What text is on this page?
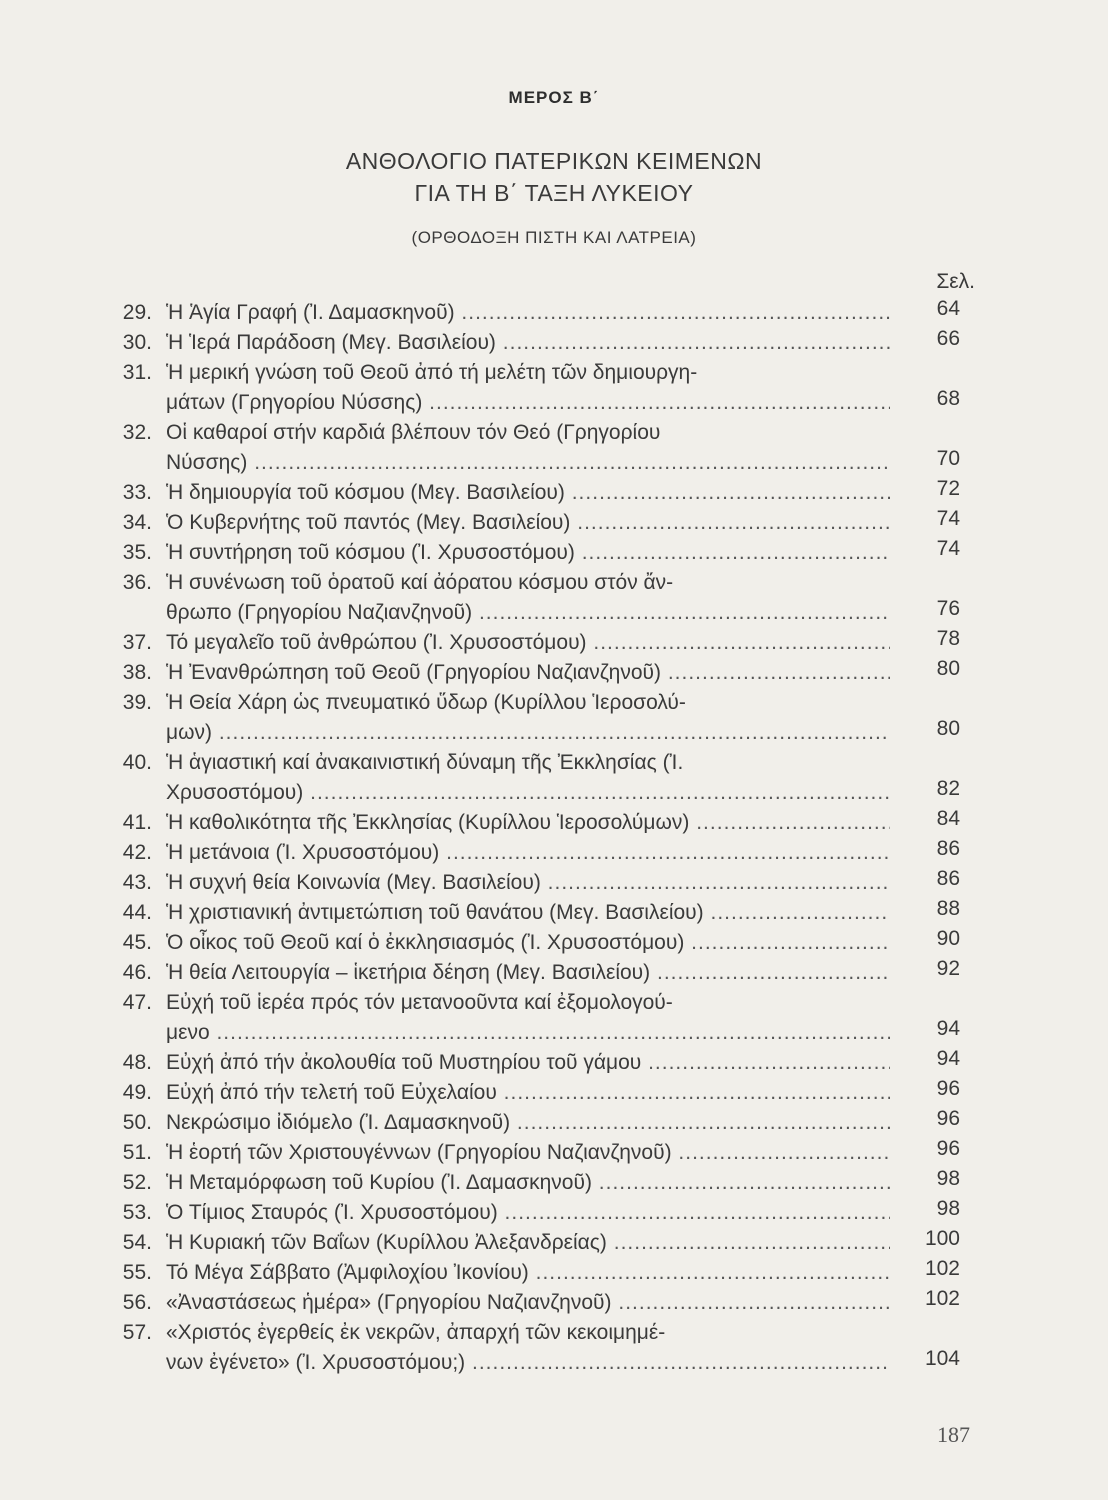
ΜΕΡΟΣ Β΄
ΑΝΘΟΛΟΓΙΟ ΠΑΤΕΡΙΚΩΝ ΚΕΙΜΕΝΩΝ
ΓΙΑ ΤΗ Β΄ ΤΑΞΗ ΛΥΚΕΙΟΥ
(ΟΡΘΟΔΟΞΗ ΠΙΣΤΗ ΚΑΙ ΛΑΤΡΕΙΑ)
Σελ.
29. Ἡ Ἁγία Γραφή (Ἰ. Δαμασκηνοῦ) .....	64
30. Ἡ Ἱερά Παράδοση (Μεγ. Βασιλείου) .....	66
31. Ἡ μερική γνώση τοῦ Θεοῦ ἀπό τή μελέτη τῶν δημιουργη-
μάτων (Γρηγορίου Νύσσης) .....	68
32. Οἱ καθαροί στήν καρδιά βλέπουν τόν Θεό (Γρηγορίου
Νύσσης) .....	70
33. Ἡ δημιουργία τοῦ κόσμου (Μεγ. Βασιλείου) .....	72
34. Ὁ Κυβερνήτης τοῦ παντός (Μεγ. Βασιλείου) .....	74
35. Ἡ συντήρηση τοῦ κόσμου (Ἰ. Χρυσοστόμου) .....	74
36. Ἡ συνένωση τοῦ ὁρατοῦ καί ἀόρατου κόσμου στόν ἄν-
θρωπο (Γρηγορίου Ναζιανζηνοῦ) .....	76
37. Τό μεγαλεῖο τοῦ ἀνθρώπου (Ἰ. Χρυσοστόμου) .....	78
38. Ἡ Ἐνανθρώπηση τοῦ Θεοῦ (Γρηγορίου Ναζιανζηνοῦ) .....	80
39. Ἡ Θεία Χάρη ὡς πνευματικό ὕδωρ (Κυρίλλου Ἱεροσολύ-
μων) .....	80
40. Ἡ ἁγιαστική καί ἀνακαινιστική δύναμη τῆς Ἐκκλησίας (Ἰ.
Χρυσοστόμου) .....	82
41. Ἡ καθολικότητα τῆς Ἐκκλησίας (Κυρίλλου Ἱεροσολύμων) .....	84
42. Ἡ μετάνοια (Ἰ. Χρυσοστόμου) .....	86
43. Ἡ συχνή θεία Κοινωνία (Μεγ. Βασιλείου) .....	86
44. Ἡ χριστιανική ἀντιμετώπιση τοῦ θανάτου (Μεγ. Βασιλείου) .....	88
45. Ὁ οἶκος τοῦ Θεοῦ καί ὁ ἐκκλησιασμός (Ἰ. Χρυσοστόμου) .....	90
46. Ἡ θεία Λειτουργία – ἱκετήρια δέηση (Μεγ. Βασιλείου) .....	92
47. Εὐχή τοῦ ἱερέα πρός τόν μετανοοῦντα καί ἐξομολογού-
μενο .....	94
48. Εὐχή ἀπό τήν ἀκολουθία τοῦ Μυστηρίου τοῦ γάμου .....	94
49. Εὐχή ἀπό τήν τελετή τοῦ Εὐχελαίου .....	96
50. Νεκρώσιμο ἰδιόμελο (Ἰ. Δαμασκηνοῦ) .....	96
51. Ἡ ἑορτή τῶν Χριστουγέννων (Γρηγορίου Ναζιανζηνοῦ) .....	96
52. Ἡ Μεταμόρφωση τοῦ Κυρίου (Ἰ. Δαμασκηνοῦ) .....	98
53. Ὁ Τίμιος Σταυρός (Ἰ. Χρυσοστόμου) .....	98
54. Ἡ Κυριακή τῶν Βαΐων (Κυρίλλου Ἀλεξανδρείας) .....	100
55. Τό Μέγα Σάββατο (Ἀμφιλοχίου Ἰκονίου) .....	102
56. «Ἀναστάσεως ἡμέρα» (Γρηγορίου Ναζιανζηνοῦ) .....	102
57. «Χριστός ἐγερθείς ἐκ νεκρῶν, ἀπαρχή τῶν κεκοιμημέ-
νων ἐγένετο» (Ἰ. Χρυσοστόμου;) .....	104
187
